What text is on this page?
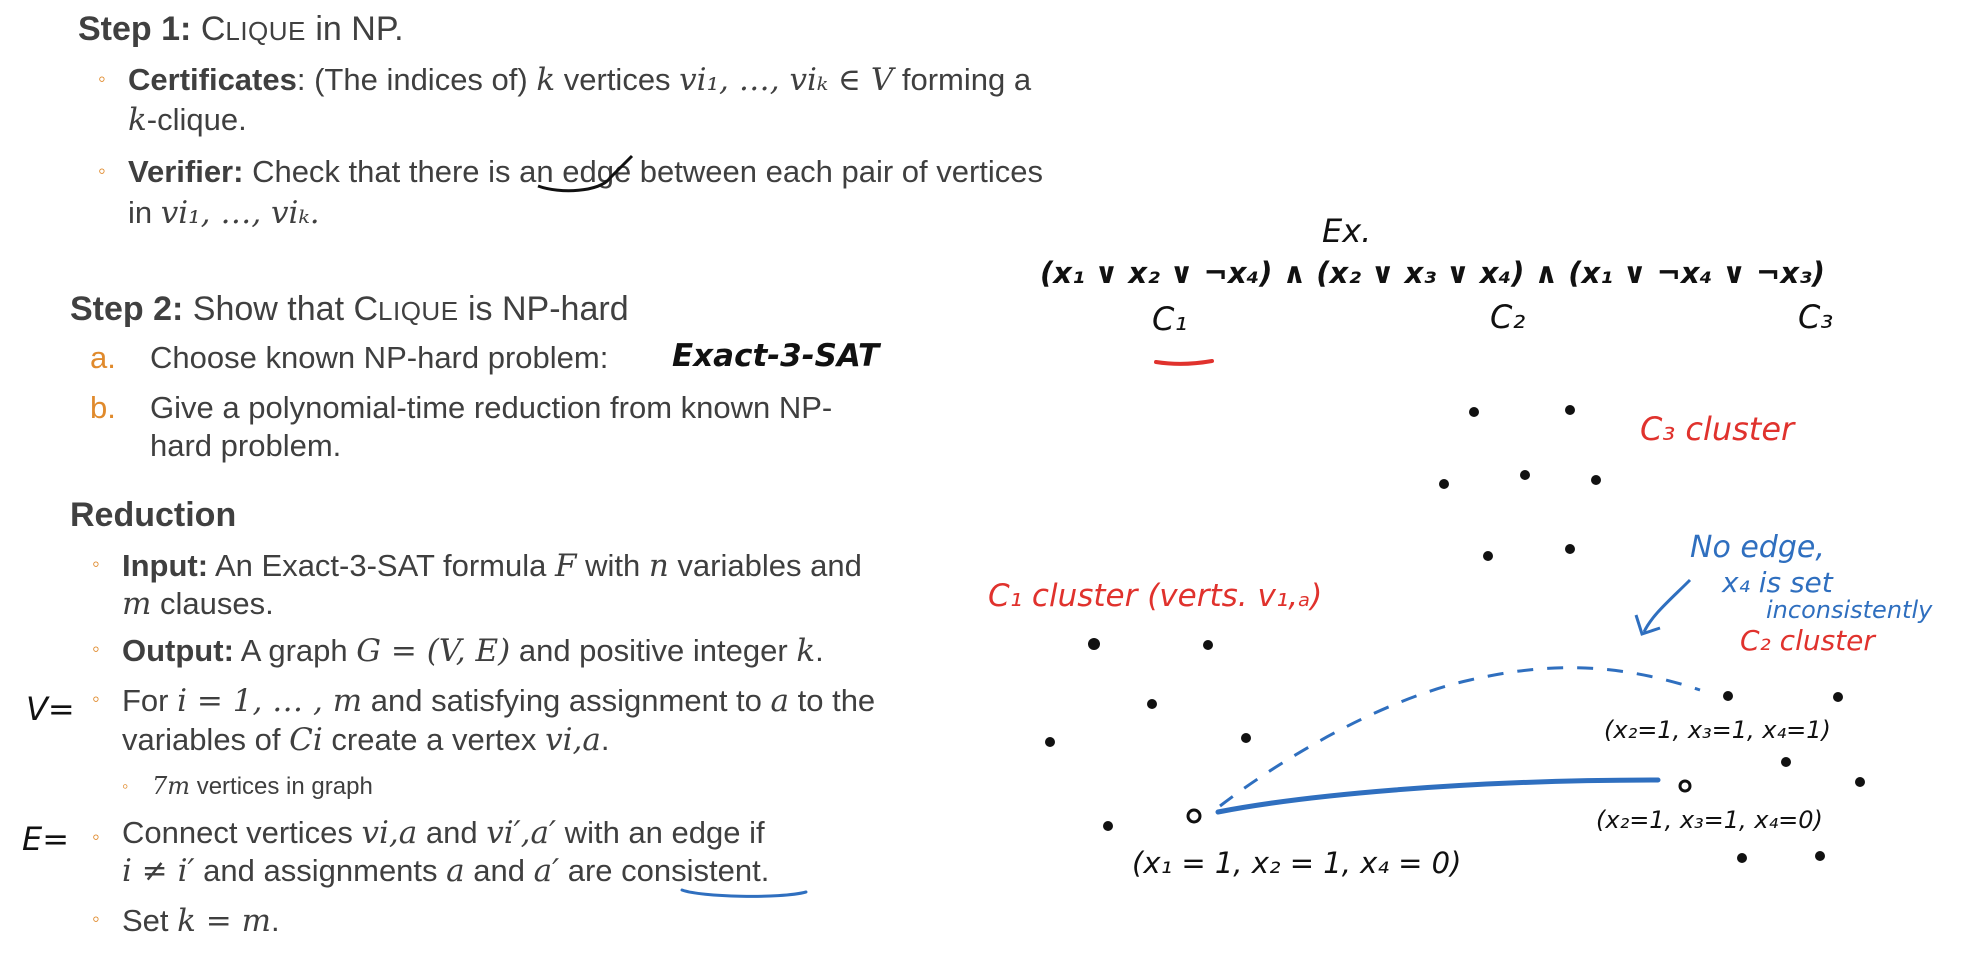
Step 1: CLIQUE in NP.
◦ Certificates: (The indices of) k vertices vi₁, …, viₖ ∈ V forming a
k-clique.
◦ Verifier: Check that there is an edge between each pair of vertices
in vi₁, …, viₖ.
Step 2: Show that CLIQUE is NP-hard
a. Choose known NP-hard problem: Exact-3-SAT
b. Give a polynomial-time reduction from known NP-
hard problem.
Reduction
◦ Input: An Exact-3-SAT formula F with n variables and
m clauses.
◦ Output: A graph G = (V, E) and positive integer k.
V= ◦ For i = 1, … , m and satisfying assignment to a to the
variables of Ci create a vertex vi,a.
◦ 7m vertices in graph
E= ◦ Connect vertices vi,a and vi′,a′ with an edge if
i ≠ i′ and assignments a and a′ are consistent.
◦ Set k = m.
Ex.
(x₁ ∨ x₂ ∨ ¬x₄) ∧ (x₂ ∨ x₃ ∨ x₄) ∧ (x₁ ∨ ¬x₄ ∨ ¬x₃)
C₁	C₂	C₃
C₃ cluster
C₁ cluster (verts. v₁,ₐ)
C₂ cluster
No edge,
x₄ is set
inconsistently
(x₁ = 1, x₂ = 1, x₄ = 0)
(x₂=1, x₃=1, x₄=1)
(x₂=1, x₃=1, x₄=0)
